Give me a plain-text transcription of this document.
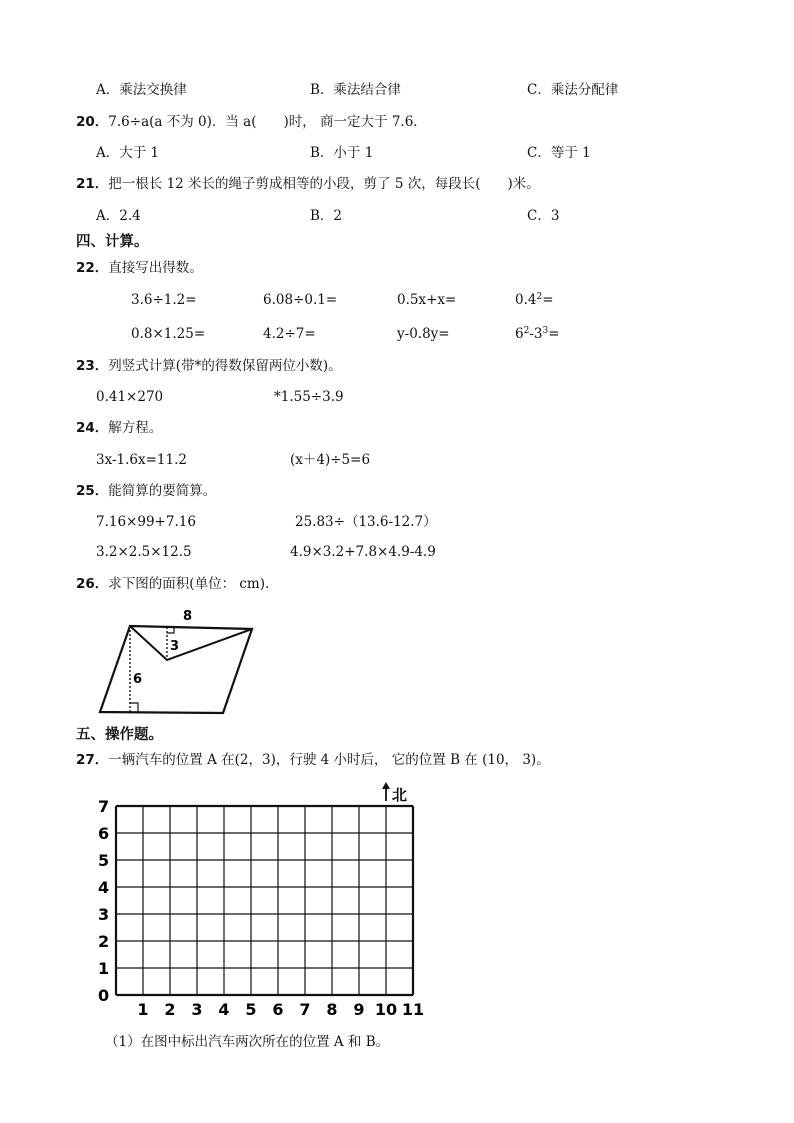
A．乘法交换律	B．乘法结合律	C．乘法分配律
20．7.6÷a(a 不为 0)．当 a(　　)时， 商一定大于 7.6.
A．大于 1	B．小于 1	C．等于 1
21．把一根长 12 米长的绳子剪成相等的小段，剪了 5 次，每段长(　　)米。
A．2.4	B．2	C．3
四、计算。
22．直接写出得数。
3.6÷1.2=	6.08÷0.1=	0.5x+x=	$0.4^2=$
0.8×1.25=	4.2÷7=	y-0.8y=	$6^2-3^3=$
23．列竖式计算(带*的得数保留两位小数)。
0.41×270	*1.55÷3.9
24．解方程。
3x-1.6x=11.2	(x＋4)÷5=6
25．能简算的要简算。
7.16×99+7.16	25.83÷（13.6-12.7）
3.2×2.5×12.5	4.9×3.2+7.8×4.9-4.9
26．求下图的面积(单位： cm).
8
3
6
五、操作题。
27．一辆汽车的位置 A 在(2，3)，行驶 4 小时后， 它的位置 B 在 (10， 3)。
0
1
2
3
4
5
6
7
1 2 3 4 5 6 7 8 9 10 11
北
（1）在图中标出汽车两次所在的位置 A 和 B。
